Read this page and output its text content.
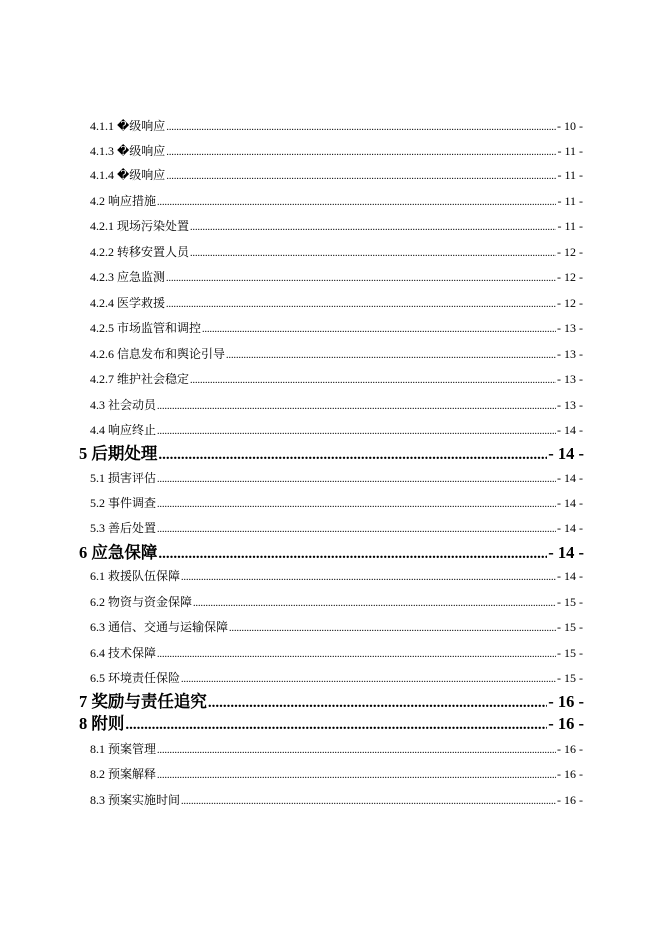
4.1.1 �级响应 .....	- 10 -
4.1.3 �级响应 .....	- 11 -
4.1.4 �级响应 .....	- 11 -
4.2 响应措施 .....	- 11 -
4.2.1 现场污染处置 .....	- 11 -
4.2.2 转移安置人员 .....	- 12 -
4.2.3 应急监测 .....	- 12 -
4.2.4 医学救援 .....	- 12 -
4.2.5 市场监管和调控 .....	- 13 -
4.2.6 信息发布和舆论引导 .....	- 13 -
4.2.7 维护社会稳定 .....	- 13 -
4.3 社会动员 .....	- 13 -
4.4 响应终止 .....	- 14 -
5 后期处理 .....	- 14 -
5.1 损害评估 .....	- 14 -
5.2 事件调查 .....	- 14 -
5.3 善后处置 .....	- 14 -
6 应急保障 .....	- 14 -
6.1 救援队伍保障 .....	- 14 -
6.2 物资与资金保障 .....	- 15 -
6.3 通信、交通与运输保障 .....	- 15 -
6.4 技术保障 .....	- 15 -
6.5 环境责任保险 .....	- 15 -
7 奖励与责任追究 .....	- 16 -
8 附则 .....	- 16 -
8.1 预案管理 .....	- 16 -
8.2 预案解释 .....	- 16 -
8.3 预案实施时间 .....	- 16 -
